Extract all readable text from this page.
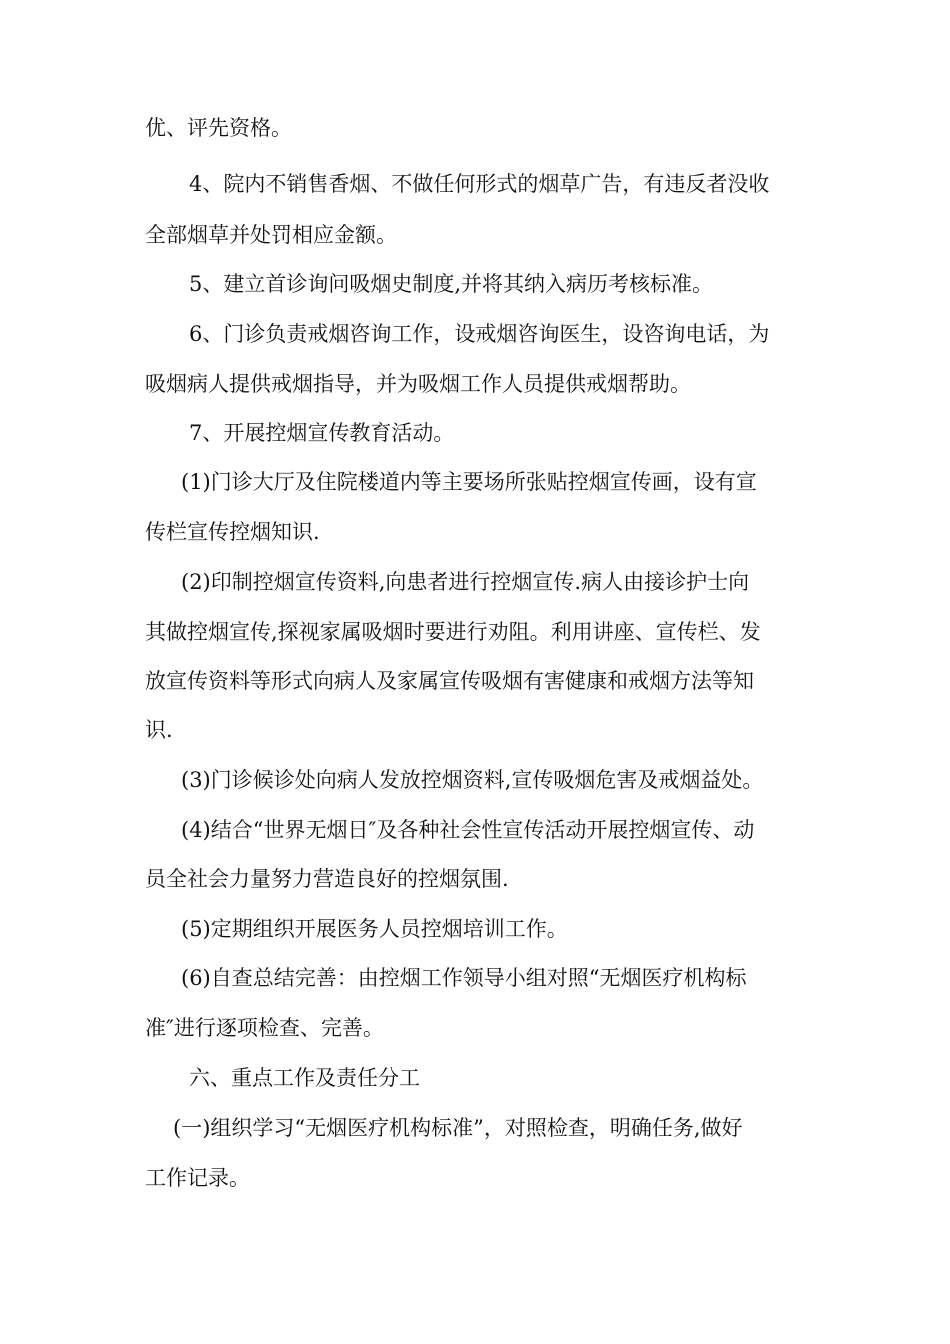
优、评先资格。
4、院内不销售香烟、不做任何形式的烟草广告，有违反者没收
全部烟草并处罚相应金额。
5、建立首诊询问吸烟史制度,并将其纳入病历考核标准。
6、门诊负责戒烟咨询工作，设戒烟咨询医生，设咨询电话，为
吸烟病人提供戒烟指导，并为吸烟工作人员提供戒烟帮助。
7、开展控烟宣传教育活动。
(1)门诊大厅及住院楼道内等主要场所张贴控烟宣传画，设有宣
传栏宣传控烟知识.
(2)印制控烟宣传资料,向患者进行控烟宣传.病人由接诊护士向
其做控烟宣传,探视家属吸烟时要进行劝阻。利用讲座、宣传栏、发
放宣传资料等形式向病人及家属宣传吸烟有害健康和戒烟方法等知
识.
(3)门诊候诊处向病人发放控烟资料,宣传吸烟危害及戒烟益处。
(4)结合“世界无烟日″及各种社会性宣传活动开展控烟宣传、动
员全社会力量努力营造良好的控烟氛围.
(5)定期组织开展医务人员控烟培训工作。
(6)自查总结完善：由控烟工作领导小组对照“无烟医疗机构标
准″进行逐项检查、完善。
六、重点工作及责任分工
(一)组织学习“无烟医疗机构标准”，对照检查，明确任务,做好
工作记录。
